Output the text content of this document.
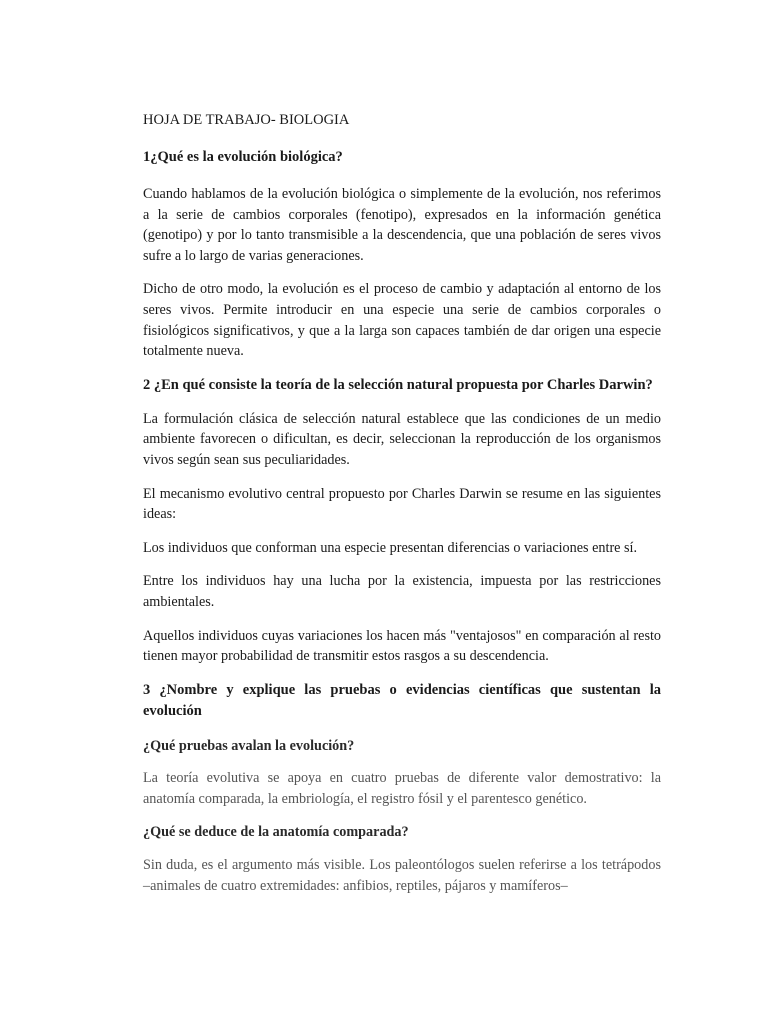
HOJA DE TRABAJO- BIOLOGIA
1¿Qué es la evolución biológica?
Cuando hablamos de la evolución biológica o simplemente de la evolución, nos referimos a la serie de cambios corporales (fenotipo), expresados en la información genética (genotipo) y por lo tanto transmisible a la descendencia, que una población de seres vivos sufre a lo largo de varias generaciones.
Dicho de otro modo, la evolución es el proceso de cambio y adaptación al entorno de los seres vivos. Permite introducir en una especie una serie de cambios corporales o fisiológicos significativos, y que a la larga son capaces también de dar origen una especie totalmente nueva.
2 ¿En qué consiste la teoría de la selección natural propuesta por Charles Darwin?
La formulación clásica de selección natural establece que las condiciones de un medio ambiente favorecen o dificultan, es decir, seleccionan la reproducción de los organismos vivos según sean sus peculiaridades.
El mecanismo evolutivo central propuesto por Charles Darwin se resume en las siguientes ideas:
Los individuos que conforman una especie presentan diferencias o variaciones entre sí.
Entre los individuos hay una lucha por la existencia, impuesta por las restricciones ambientales.
Aquellos individuos cuyas variaciones los hacen más "ventajosos" en comparación al resto tienen mayor probabilidad de transmitir estos rasgos a su descendencia.
3 ¿Nombre y explique las pruebas o evidencias científicas que sustentan la evolución
¿Qué pruebas avalan la evolución?
La teoría evolutiva se apoya en cuatro pruebas de diferente valor demostrativo: la anatomía comparada, la embriología, el registro fósil y el parentesco genético.
¿Qué se deduce de la anatomía comparada?
Sin duda, es el argumento más visible. Los paleontólogos suelen referirse a los tetrápodos –animales de cuatro extremidades: anfibios, reptiles, pájaros y mamíferos–
